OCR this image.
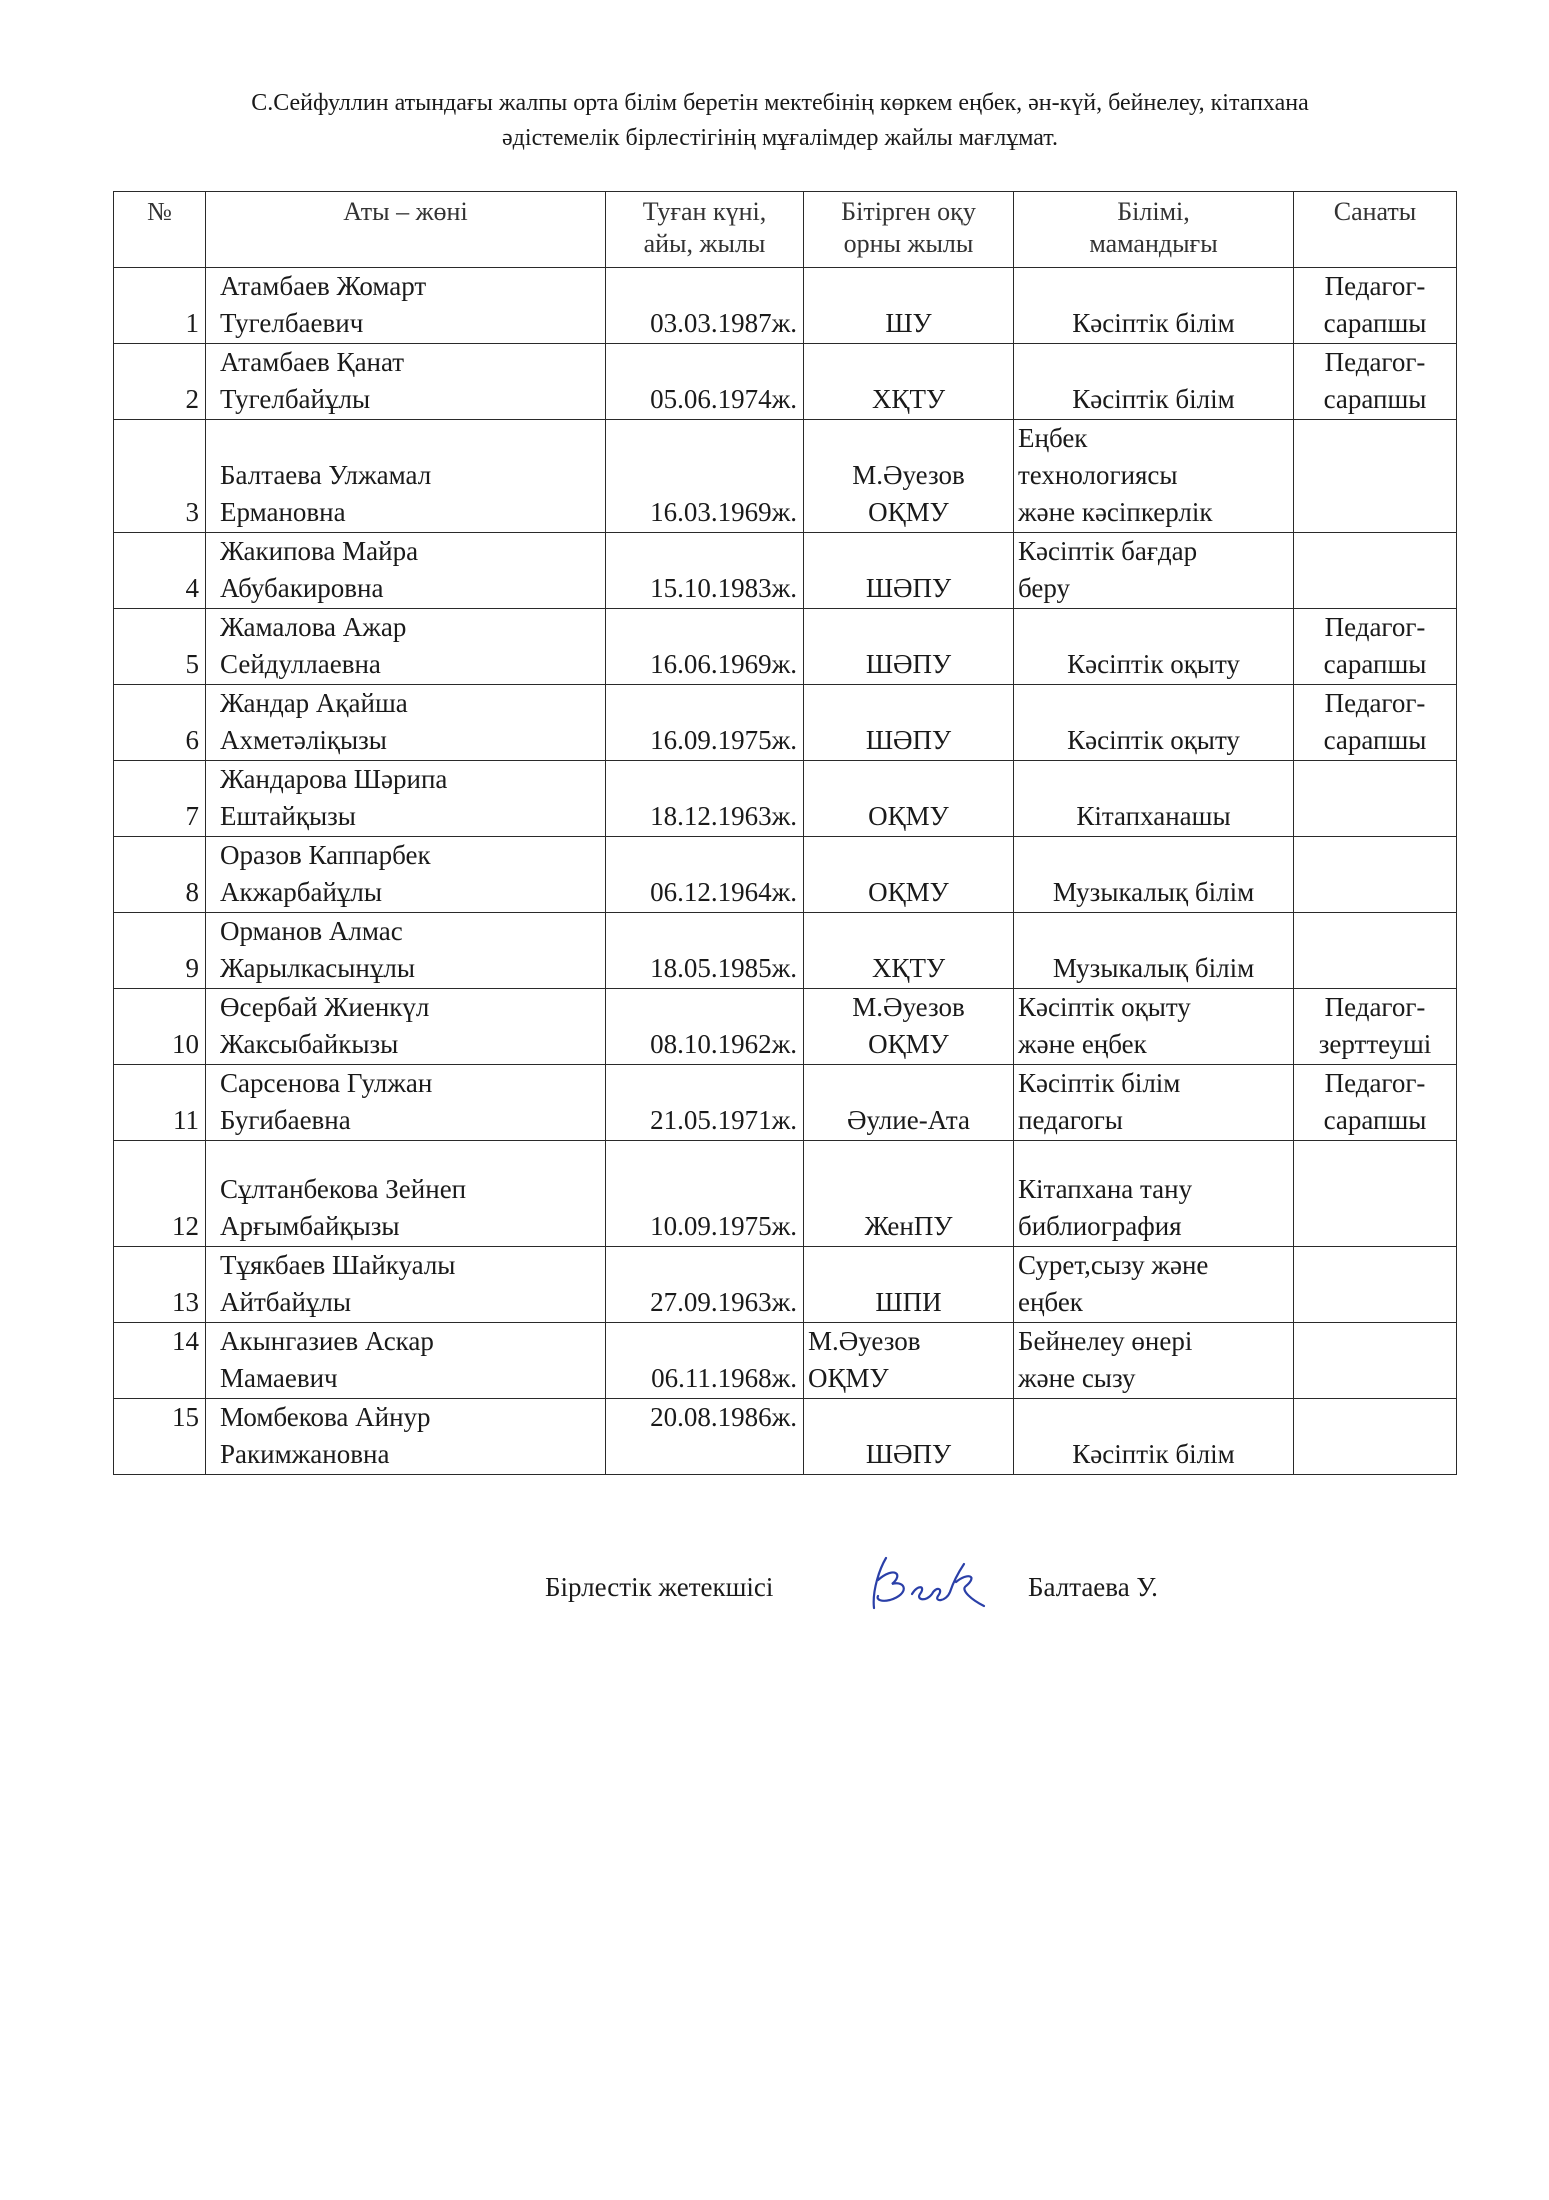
С.Сейфуллин атындағы жалпы орта білім беретін мектебінің көркем еңбек, ән-күй, бейнелеу, кітапхана
әдістемелік бірлестігінің мұғалімдер жайлы мағлұмат.
№	Аты – жөні	Туған күні,
айы, жылы	Бітірген оқу
орны жылы	Білімі,
мамандығы	Санаты
1	Атамбаев Жомарт
Тугелбаевич	03.03.1987ж.	ШУ	Кәсіптік білім	Педагог-
сарапшы

2	Атамбаев Қанат
Тугелбайұлы	05.06.1974ж.	ХҚТУ	Кәсіптік білім	Педагог-
сарапшы

3	Балтаева Улжамал
Ермановна	16.03.1969ж.	М.Әуезов
ОҚМУ	Еңбек
технологиясы
және кәсіпкерлік	

4	Жакипова Майра
Абубакировна	15.10.1983ж.	ШӘПУ	Кәсіптік бағдар
беру	

5	Жамалова Ажар
Сейдуллаевна	16.06.1969ж.	ШӘПУ	Кәсіптік оқыту	Педагог-
сарапшы

6	Жандар Ақайша
Ахметәліқызы	16.09.1975ж.	ШӘПУ	Кәсіптік оқыту	Педагог-
сарапшы

7	Жандарова Шәрипа
Ештайқызы	18.12.1963ж.	ОҚМУ	Кітапханашы	

8	Оразов Каппарбек
Акжарбайұлы	06.12.1964ж.	ОҚМУ	Музыкалық білім	

9	Орманов Алмас
Жарылкасынұлы	18.05.1985ж.	ХҚТУ	Музыкалық білім	

10	Өсербай Жиенкүл
Жаксыбайкызы	08.10.1962ж.	М.Әуезов
ОҚМУ	Кәсіптік оқыту
және еңбек	Педагог-
зерттеуші

11	Сарсенова Гулжан
Бугибаевна	21.05.1971ж.	Әулие-Ата	Кәсіптік білім
педагогы	Педагог-
сарапшы

12	Сұлтанбекова Зейнеп
Арғымбайқызы	10.09.1975ж.	ЖенПУ	Кітапхана тану
библиография	

13	Тұякбаев Шайкуалы
Айтбайұлы	27.09.1963ж.	ШПИ	Сурет,сызу және
еңбек	

14	Акынгазиев Аскар
Мамаевич	06.11.1968ж.	М.Әуезов
ОҚМУ	Бейнелеу өнері
және сызу	

15	Момбекова Айнур
Ракимжановна	20.08.1986ж.	ШӘПУ	Кәсіптік білім	

Бірлестік жетекшісі	Балтаева У.
